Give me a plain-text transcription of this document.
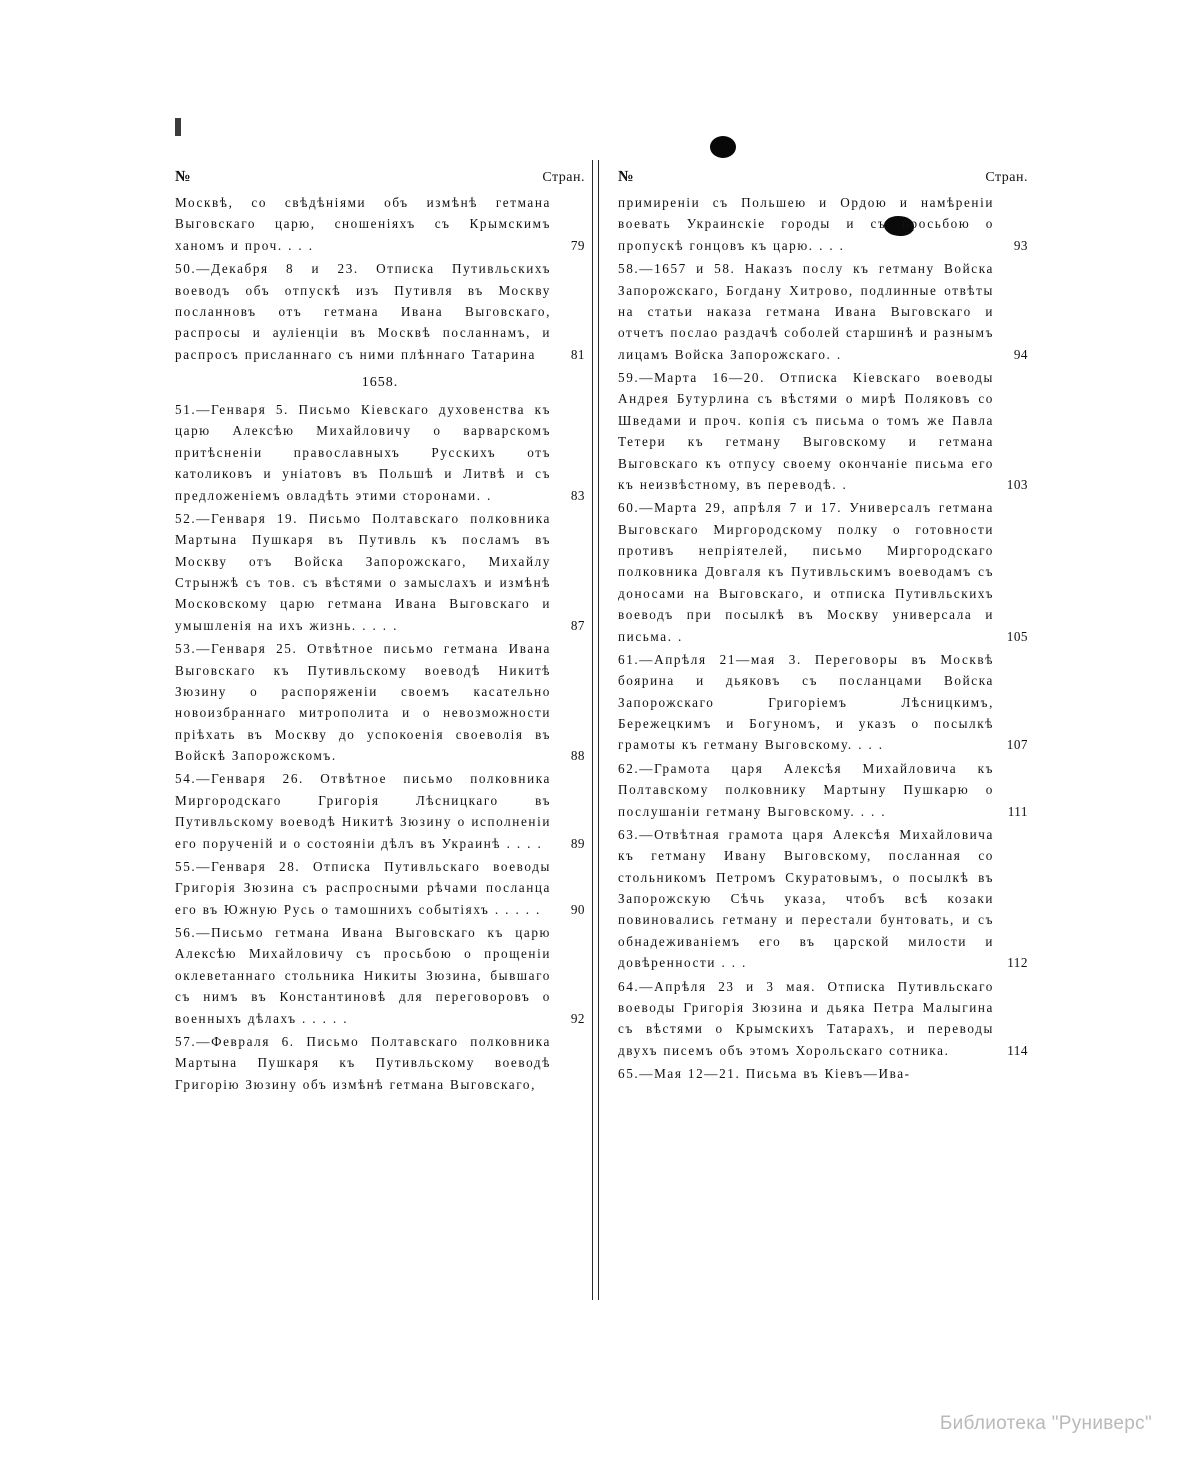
№	Стран.
Москвѣ, со свѣдѣніями объ измѣнѣ гетмана Выговскаго царю, сношеніяхъ съ Крымскимъ ханомъ и проч. . . .	79
50.—Декабря 8 и 23. Отписка Путивльскихъ воеводъ объ отпускѣ изъ Путивля въ Москву посланновъ отъ гетмана Ивана Выговскаго, распросы и ауліенціи въ Москвѣ посланнамъ, и распросъ присланнаго съ ними плѣннаго Татарина	81
1658.
51.—Генваря 5. Письмо Кіевскаго духовенства къ царю Алексѣю Михайловичу о варварскомъ притѣсненіи православныхъ Русскихъ отъ католиковъ и уніатовъ въ Польшѣ и Литвѣ и съ предложеніемъ овладѣть этими сторонами. .	83
52.—Генваря 19. Письмо Полтавскаго полковника Мартына Пушкаря въ Путивль къ посламъ въ Москву отъ Войска Запорожскаго, Михайлу Стрынжѣ съ тов. съ вѣстями о замыслахъ и измѣнѣ Московскому царю гетмана Ивана Выговскаго и умышленія на ихъ жизнь. . . . .	87
53.—Генваря 25. Отвѣтное письмо гетмана Ивана Выговскаго къ Путивльскому воеводѣ Никитѣ Зюзину о распоряженіи своемъ касательно новоизбраннаго митрополита и о невозможности пріѣхать въ Москву до успокоенія своеволія въ Войскѣ Запорожскомъ.	88
54.—Генваря 26. Отвѣтное письмо полковника Миргородскаго Григорія Лѣсницкаго въ Путивльскому воеводѣ Никитѣ Зюзину о исполненіи его порученій и о состояніи дѣлъ въ Украинѣ . . . .	89
55.—Генваря 28. Отписка Путивльскаго воеводы Григорія Зюзина съ распросными рѣчами посланца его въ Южную Русь о тамошнихъ событіяхъ . . . . .	90
56.—Письмо гетмана Ивана Выговскаго къ царю Алексѣю Михайловичу съ просьбою о прощеніи оклеветаннаго стольника Никиты Зюзина, бывшаго съ нимъ въ Константиновѣ для переговоровъ о военныхъ дѣлахъ . . . . .	92
57.—Февраля 6. Письмо Полтавскаго полковника Мартына Пушкаря къ Путивльскому воеводѣ Григорію Зюзину объ измѣнѣ гетмана Выговскаго,
№	Стран.
примиреніи съ Польшею и Ордою и намѣреніи воевать Украинскіе городы и съ просьбою о пропускѣ гонцовъ къ царю. . . .	93
58.—1657 и 58. Наказъ послу къ гетману Войска Запорожскаго, Богдану Хитрово, подлинные отвѣты на статьи наказа гетмана Ивана Выговскаго и отчетъ послао раздачѣ соболей старшинѣ и разнымъ лицамъ Войска Запорожскаго. .	94
59.—Марта 16—20. Отписка Кіевскаго воеводы Андрея Бутурлина съ вѣстями о мирѣ Поляковъ со Шведами и проч. копія съ письма о томъ же Павла Тетери къ гетману Выговскому и гетмана Выговскаго къ отпусу своему окончаніе письма его къ неизвѣстному, въ переводѣ. .	103
60.—Марта 29, апрѣля 7 и 17. Универсалъ гетмана Выговскаго Миргородскому полку о готовности противъ непріятелей, письмо Миргородскаго полковника Довгаля къ Путивльскимъ воеводамъ съ доносами на Выговскаго, и отписка Путивльскихъ воеводъ при посылкѣ въ Москву универсала и письма. .	105
61.—Апрѣля 21—мая 3. Переговоры въ Москвѣ боярина и дьяковъ съ посланцами Войска Запорожскаго Григоріемъ Лѣсницкимъ, Бережецкимъ и Богуномъ, и указъ о посылкѣ грамоты къ гетману Выговскому. . . .	107
62.—Грамота царя Алексѣя Михайловича къ Полтавскому полковнику Мартыну Пушкарю о послушаніи гетману Выговскому. . . .	111
63.—Отвѣтная грамота царя Алексѣя Михайловича къ гетману Ивану Выговскому, посланная со стольникомъ Петромъ Скуратовымъ, о посылкѣ въ Запорожскую Сѣчь указа, чтобъ всѣ козаки повиновались гетману и перестали бунтовать, и съ обнадеживаніемъ его въ царской милости и довѣренности . . .	112
64.—Апрѣля 23 и 3 мая. Отписка Путивльскаго воеводы Григорія Зюзина и дьяка Петра Малыгина съ вѣстями о Крымскихъ Татарахъ, и переводы двухъ писемъ объ этомъ Хорольскаго сотника.	114
65.—Мая 12—21. Письма въ Кіевъ—Ива-
Библиотека "Руниверс"
